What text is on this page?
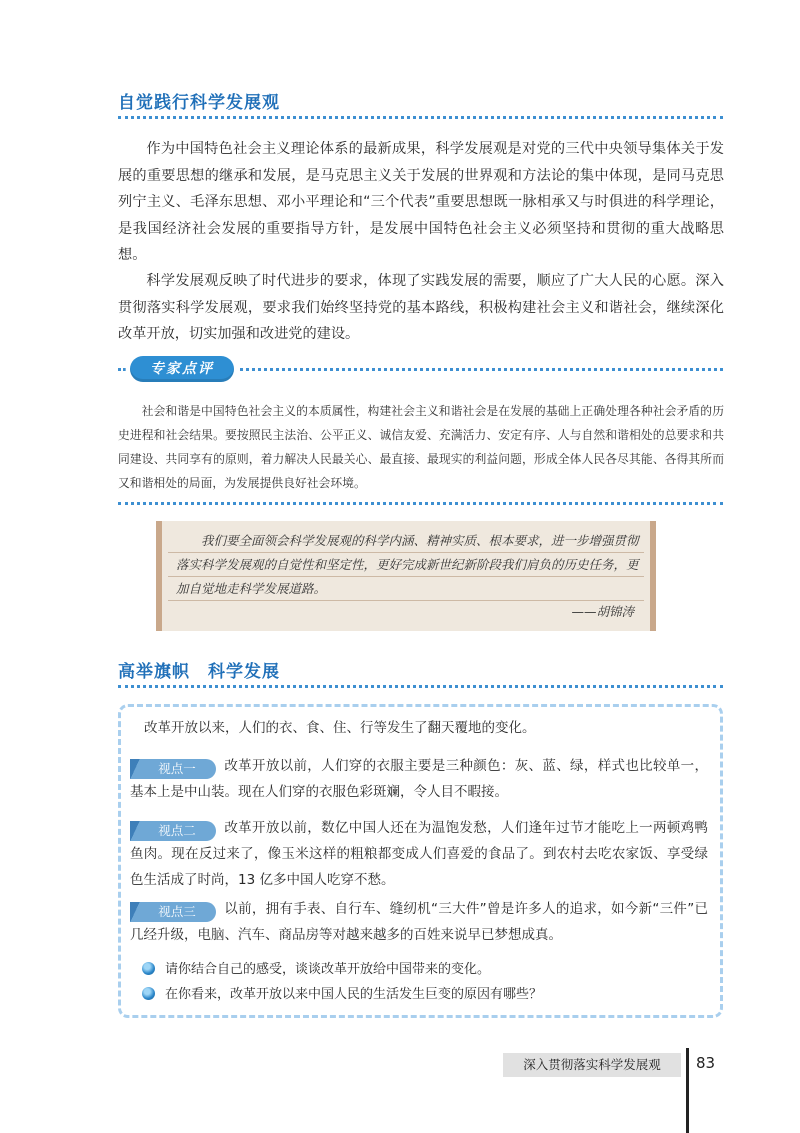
自觉践行科学发展观

作为中国特色社会主义理论体系的最新成果，科学发展观是对党的三代中央领导集体关于发展的重要思想的继承和发展，是马克思主义关于发展的世界观和方法论的集中体现，是同马克思列宁主义、毛泽东思想、邓小平理论和“三个代表”重要思想既一脉相承又与时俱进的科学理论，是我国经济社会发展的重要指导方针，是发展中国特色社会主义必须坚持和贯彻的重大战略思想。

科学发展观反映了时代进步的要求，体现了实践发展的需要，顺应了广大人民的心愿。深入贯彻落实科学发展观，要求我们始终坚持党的基本路线，积极构建社会主义和谐社会，继续深化改革开放，切实加强和改进党的建设。

专家点评

社会和谐是中国特色社会主义的本质属性，构建社会主义和谐社会是在发展的基础上正确处理各种社会矛盾的历史进程和社会结果。要按照民主法治、公平正义、诚信友爱、充满活力、安定有序、人与自然和谐相处的总要求和共同建设、共同享有的原则，着力解决人民最关心、最直接、最现实的利益问题，形成全体人民各尽其能、各得其所而又和谐相处的局面，为发展提供良好社会环境。

我们要全面领会科学发展观的科学内涵、精神实质、根本要求，进一步增强贯彻落实科学发展观的自觉性和坚定性，更好完成新世纪新阶段我们肩负的历史任务，更加自觉地走科学发展道路。

——胡锦涛
高举旗帜　科学发展

改革开放以来，人们的衣、食、住、行等发生了翻天覆地的变化。

视点一 改革开放以前，人们穿的衣服主要是三种颜色：灰、蓝、绿，样式也比较单一，基本上是中山装。现在人们穿的衣服色彩斑斓，令人目不暇接。

视点二 改革开放以前，数亿中国人还在为温饱发愁，人们逢年过节才能吃上一两顿鸡鸭鱼肉。现在反过来了，像玉米这样的粗粮都变成人们喜爱的食品了。到农村去吃农家饭、享受绿色生活成了时尚，13 亿多中国人吃穿不愁。

视点三 以前，拥有手表、自行车、缝纫机“三大件”曾是许多人的追求，如今新“三件”已几经升级，电脑、汽车、商品房等对越来越多的百姓来说早已梦想成真。

请你结合自己的感受，谈谈改革开放给中国带来的变化。

在你看来，改革开放以来中国人民的生活发生巨变的原因有哪些？

深入贯彻落实科学发展观	83
